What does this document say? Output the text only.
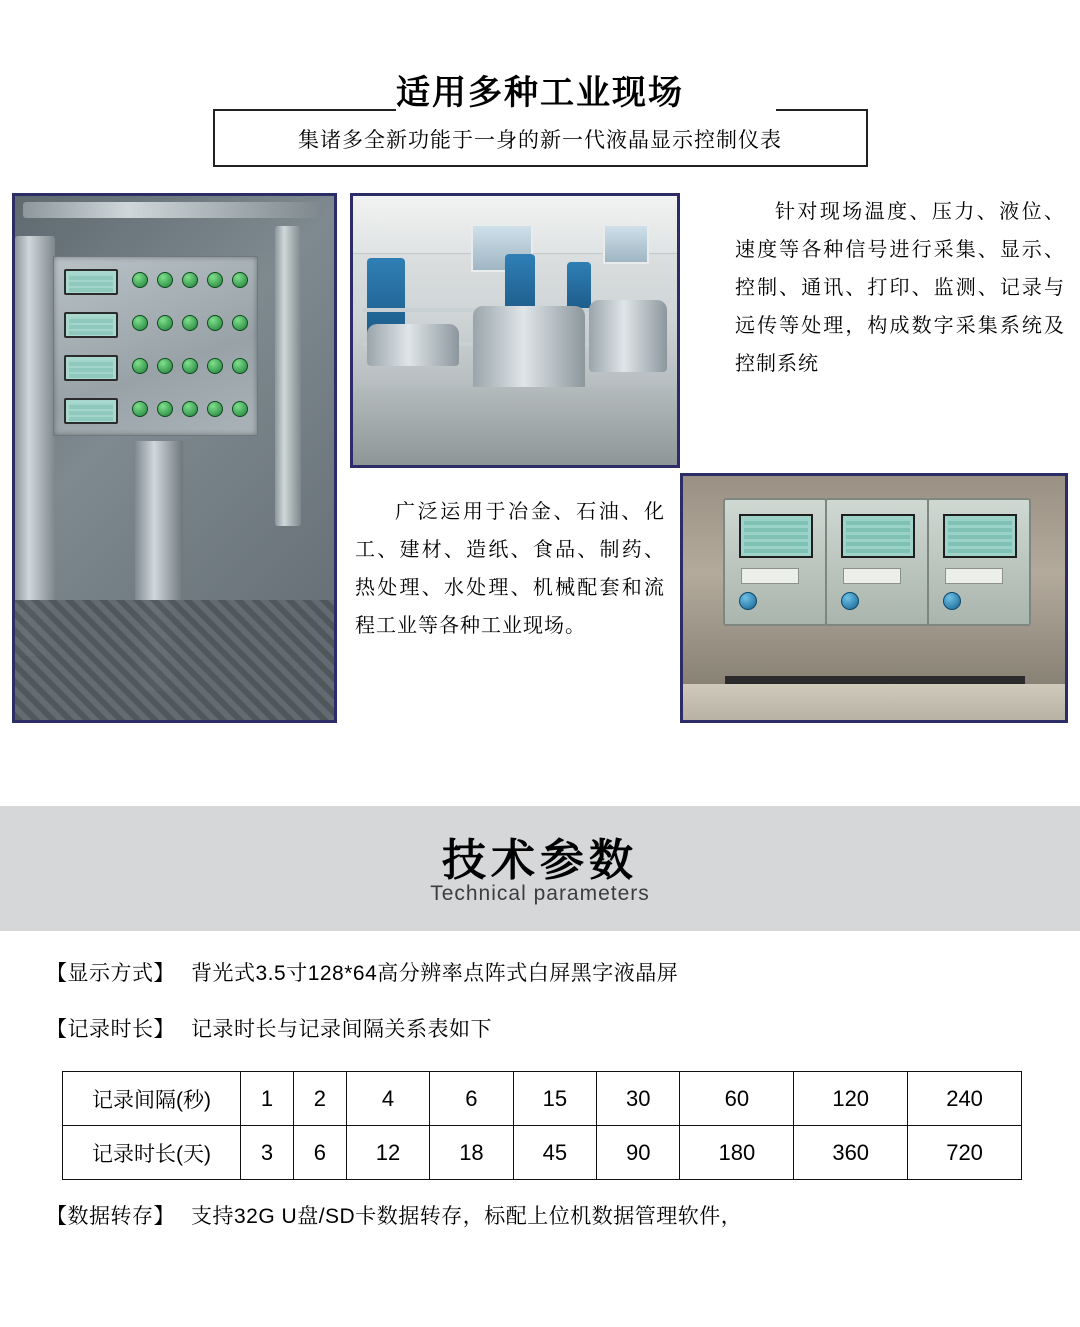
适用多种工业现场
集诸多全新功能于一身的新一代液晶显示控制仪表

针对现场温度、压力、液位、速度等各种信号进行采集、显示、控制、通讯、打印、监测、记录与远传等处理，构成数字采集系统及控制系统

广泛运用于冶金、石油、化工、建材、造纸、食品、制药、热处理、水处理、机械配套和流程工业等各种工业现场。

技术参数
Technical parameters
【显示方式】 背光式3.5寸128*64高分辨率点阵式白屏黑字液晶屏
【记录时长】 记录时长与记录间隔关系表如下
记录间隔(秒)	1	2	4	6	15	30	60	120	240
记录时长(天)	3	6	12	18	45	90	180	360	720
【数据转存】 支持32G U盘/SD卡数据转存，标配上位机数据管理软件，
